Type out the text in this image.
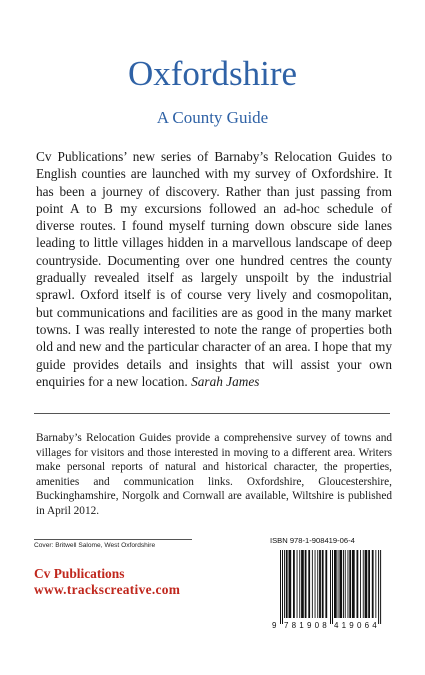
Oxfordshire
A County Guide

Cv Publications’ new series of Barnaby’s Relocation Guides to English counties are launched with my survey of Oxfordshire. It has been a journey of discovery. Rather than just passing from point A to B my excursions followed an ad-hoc schedule of diverse routes. I found myself turning down obscure side lanes leading to little villages hidden in a marvellous landscape of deep countryside. Documenting over one hundred centres the county gradually revealed itself as largely unspoilt by the industrial sprawl. Oxford itself is of course very lively and cosmopolitan, but communications and facilities are as good in the many market towns. I was really interested to note the range of properties both old and new and the particular character of an area. I hope that my guide provides details and insights that will assist your own enquiries for a new location. Sarah James

Barnaby’s Relocation Guides provide a comprehensive survey of towns and villages for visitors and those interested in moving to a different area. Writers make personal reports of natural and historical character, the properties, amenities and communication links. Oxfordshire, Gloucestershire, Buckinghamshire, Norgolk and Cornwall are available, Wiltshire is published in April 2012.

Cover: Britwell Salome, West Oxfordshire
Cv Publications
www.trackscreative.com
ISBN 978-1-908419-06-4
9 781908 419064
